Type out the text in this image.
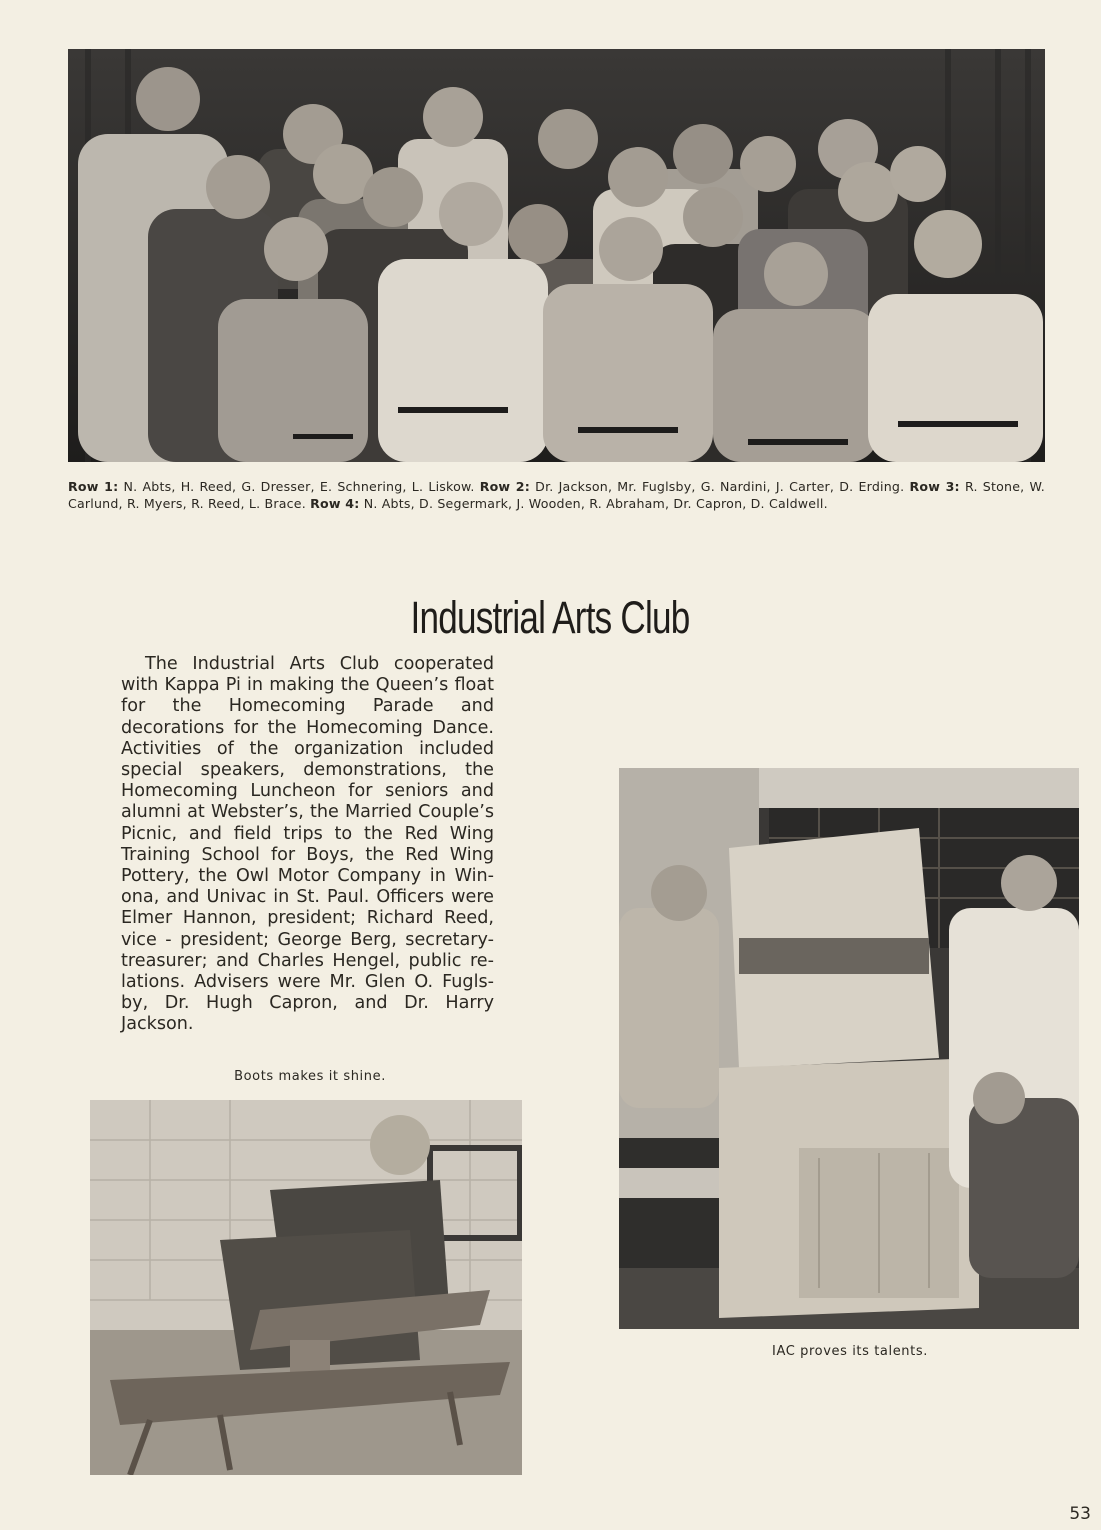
Row 1: N. Abts, H. Reed, G. Dresser, E. Schnering, L. Liskow. Row 2: Dr. Jackson, Mr. Fuglsby, G. Nardini, J. Carter, D. Erding. Row 3: R. Stone, W. Carlund, R. Myers, R. Reed, L. Brace. Row 4: N. Abts, D. Segermark, J. Wooden, R. Abraham, Dr. Capron, D. Caldwell.
Industrial Arts Club

The Industrial Arts Club cooperated with Kappa Pi in making the Queen’s float for the Homecoming Parade and decorations for the Homecoming Dance. Activities of the organization included special speakers, demonstrations, the Homecoming Luncheon for seniors and alumni at Webster’s, the Married Couple’s Picnic, and field trips to the Red Wing Training School for Boys, the Red Wing Pottery, the Owl Motor Company in Winona, and Univac in St. Paul. Officers were Elmer Hannon, president; Richard Reed, vice - president; George Berg, secretary-treasurer; and Charles Hengel, public relations. Advisers were Mr. Glen O. Fuglsby, Dr. Hugh Capron, and Dr. Harry Jackson.

IAC proves its talents.
Boots makes it shine.
53
